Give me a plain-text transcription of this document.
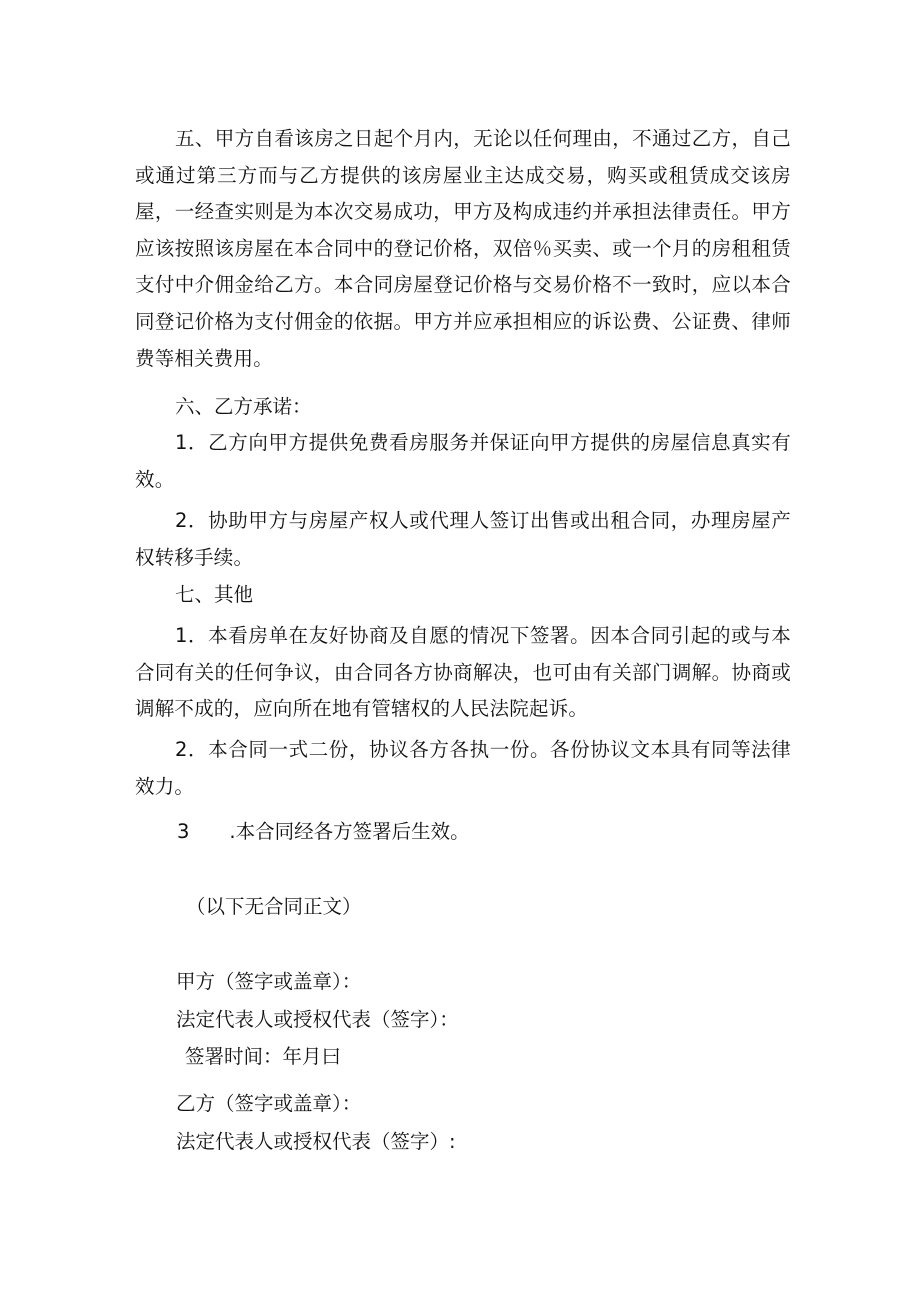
五、甲方自看该房之日起个月内，无论以任何理由，不通过乙方，自己或通过第三方而与乙方提供的该房屋业主达成交易，购买或租赁成交该房屋，一经查实则是为本次交易成功，甲方及构成违约并承担法律责任。甲方应该按照该房屋在本合同中的登记价格，双倍％买卖、或一个月的房租租赁支付中介佣金给乙方。本合同房屋登记价格与交易价格不一致时，应以本合同登记价格为支付佣金的依据。甲方并应承担相应的诉讼费、公证费、律师费等相关费用。

六、乙方承诺：

1．乙方向甲方提供免费看房服务并保证向甲方提供的房屋信息真实有效。

2．协助甲方与房屋产权人或代理人签订出售或出租合同，办理房屋产权转移手续。

七、其他

1．本看房单在友好协商及自愿的情况下签署。因本合同引起的或与本合同有关的任何争议，由合同各方协商解决，也可由有关部门调解。协商或调解不成的，应向所在地有管辖权的人民法院起诉。

2．本合同一式二份，协议各方各执一份。各份协议文本具有同等法律效力。

3 .本合同经各方签署后生效。

（以下无合同正文）

甲方（签字或盖章）：

法定代表人或授权代表（签字）：

签署时间：年月曰

乙方（签字或盖章）：

法定代表人或授权代表（签字）:
